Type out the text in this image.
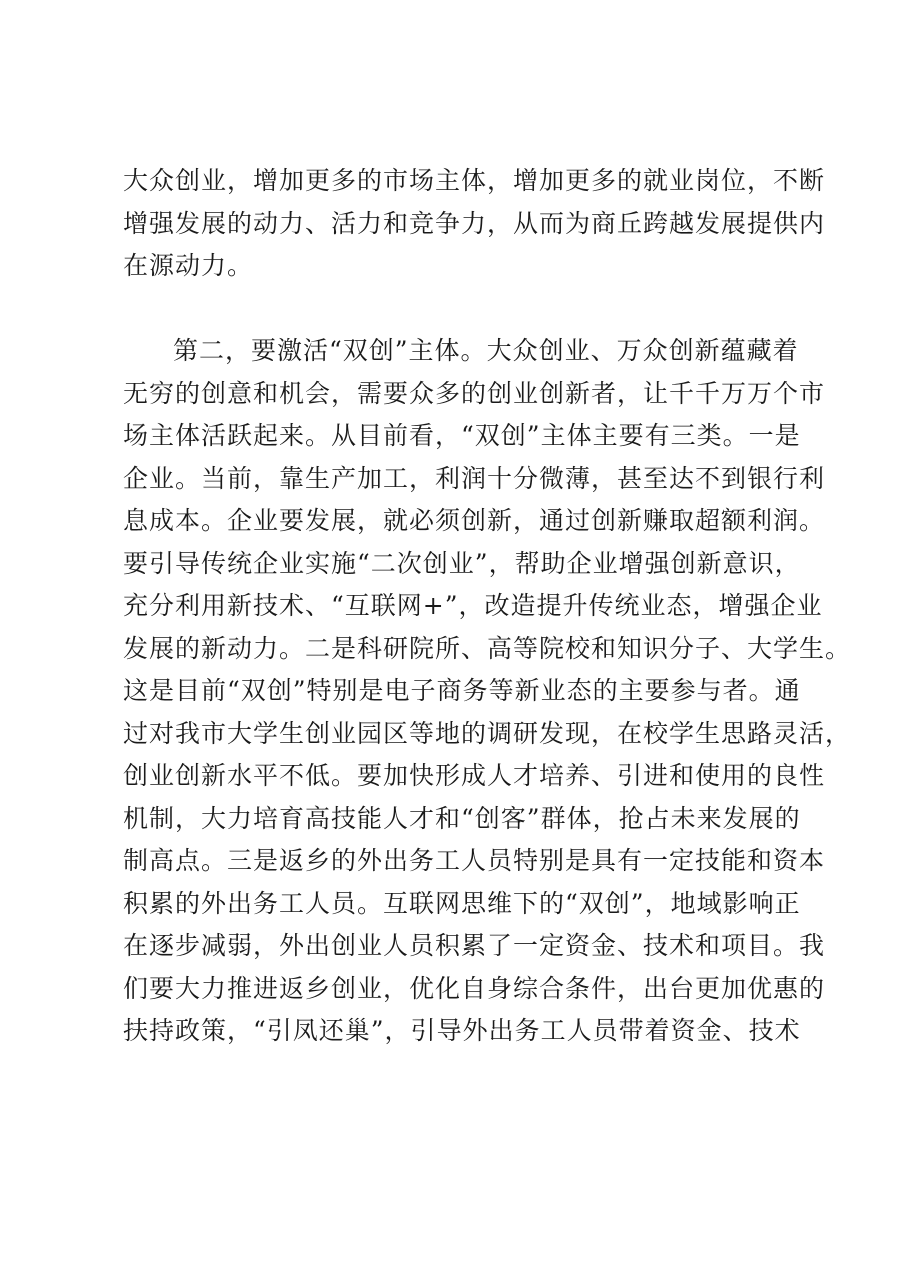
大众创业，增加更多的市场主体，增加更多的就业岗位，不断
增强发展的动力、活力和竞争力，从而为商丘跨越发展提供内
在源动力。
第二，要激活“双创”主体。大众创业、万众创新蕴藏着
无穷的创意和机会，需要众多的创业创新者，让千千万万个市
场主体活跃起来。从目前看，“双创”主体主要有三类。一是
企业。当前，靠生产加工，利润十分微薄，甚至达不到银行利
息成本。企业要发展，就必须创新，通过创新赚取超额利润。
要引导传统企业实施“二次创业”，帮助企业增强创新意识，
充分利用新技术、“互联网+”，改造提升传统业态，增强企业
发展的新动力。二是科研院所、高等院校和知识分子、大学生。
这是目前“双创”特别是电子商务等新业态的主要参与者。通
过对我市大学生创业园区等地的调研发现，在校学生思路灵活，
创业创新水平不低。要加快形成人才培养、引进和使用的良性
机制，大力培育高技能人才和“创客”群体，抢占未来发展的
制高点。三是返乡的外出务工人员特别是具有一定技能和资本
积累的外出务工人员。互联网思维下的“双创”，地域影响正
在逐步减弱，外出创业人员积累了一定资金、技术和项目。我
们要大力推进返乡创业，优化自身综合条件，出台更加优惠的
扶持政策，“引凤还巢”，引导外出务工人员带着资金、技术
